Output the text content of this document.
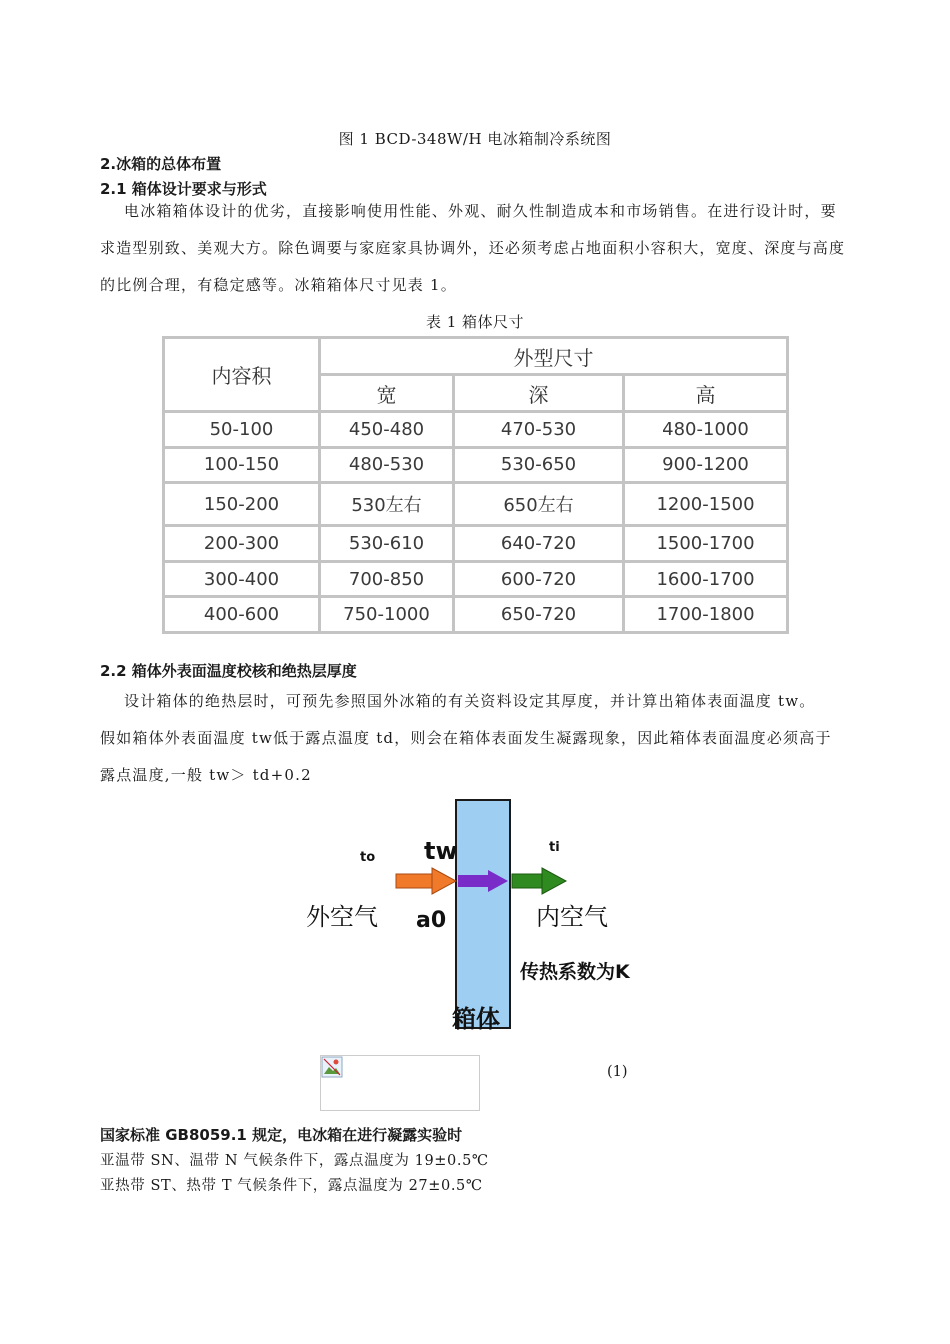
图 1 BCD-348W/H 电冰箱制冷系统图
2.冰箱的总体布置
2.1 箱体设计要求与形式
电冰箱箱体设计的优劣，直接影响使用性能、外观、耐久性制造成本和市场销售。在进行设计时，要求造型别致、美观大方。除色调要与家庭家具协调外，还必须考虑占地面积小容积大，宽度、深度与高度的比例合理，有稳定感等。冰箱箱体尺寸见表 1。
表 1 箱体尺寸
内容积	外型尺寸		
	宽	深	高
50-100	450-480	470-530	480-1000
100-150	480-530	530-650	900-1200
150-200	530左右	650左右	1200-1500
200-300	530-610	640-720	1500-1700
300-400	700-850	600-720	1600-1700
400-600	750-1000	650-720	1700-1800
2.2 箱体外表面温度校核和绝热层厚度
设计箱体的绝热层时，可预先参照国外冰箱的有关资料设定其厚度，并计算出箱体表面温度 tw。
假如箱体外表面温度 tw低于露点温度 td，则会在箱体表面发生凝露现象，因此箱体表面温度必须高于
露点温度,一般 tw＞ td+0.2
to tw	ti
外空气 a0	内空气
传热系数为K
箱体
(1)
国家标准 GB8059.1 规定，电冰箱在进行凝露实验时
亚温带 SN、温带 N 气候条件下，露点温度为 19±0.5℃
亚热带 ST、热带 T 气候条件下，露点温度为 27±0.5℃
